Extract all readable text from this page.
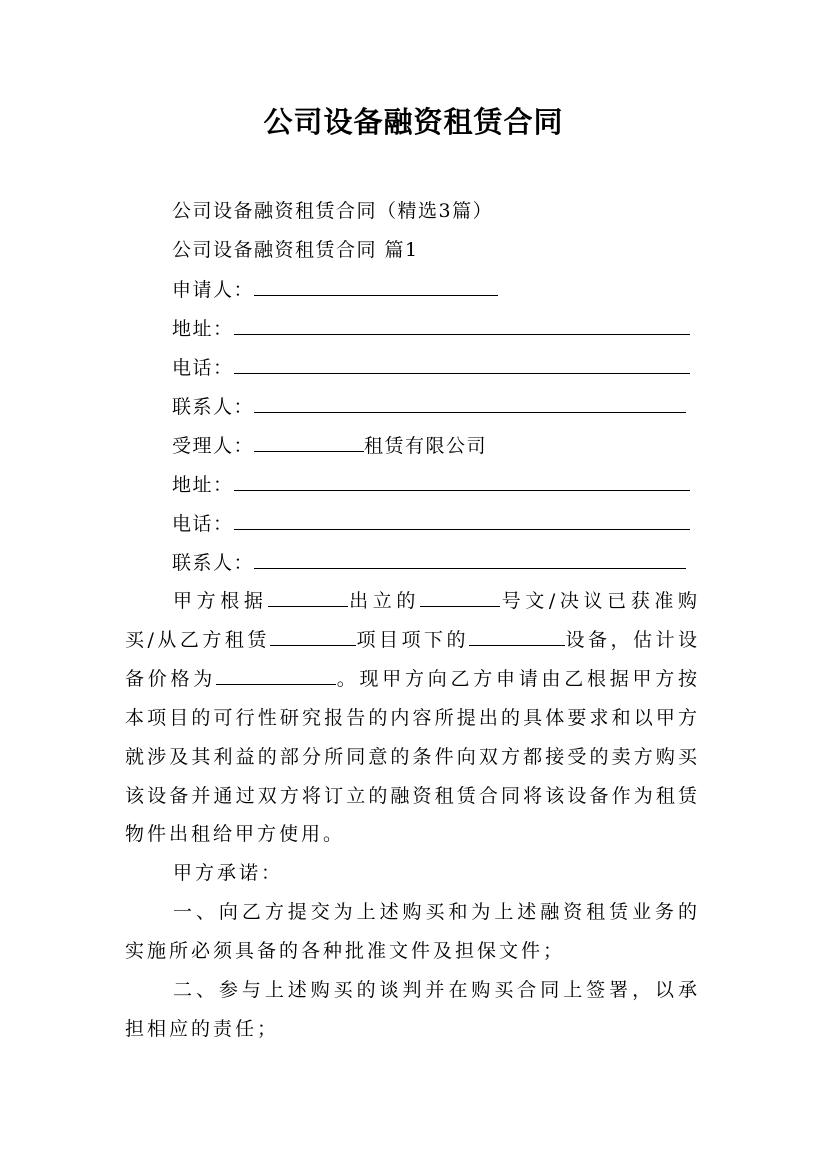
公司设备融资租赁合同
公司设备融资租赁合同（精选3篇）
公司设备融资租赁合同 篇1
申请人：
地址：
电话：
联系人：
受理人：	租赁有限公司
地址：
电话：
联系人：
甲方根据	出立的	号文/决议已获准购买/从乙方租赁	项目项下的	设备，估计设备价格为	。现甲方向乙方申请由乙根据甲方按本项目的可行性研究报告的内容所提出的具体要求和以甲方就涉及其利益的部分所同意的条件向双方都接受的卖方购买该设备并通过双方将订立的融资租赁合同将该设备作为租赁物件出租给甲方使用。
甲方承诺：
一、向乙方提交为上述购买和为上述融资租赁业务的实施所必须具备的各种批准文件及担保文件；
二、参与上述购买的谈判并在购买合同上签署，以承担相应的责任；
